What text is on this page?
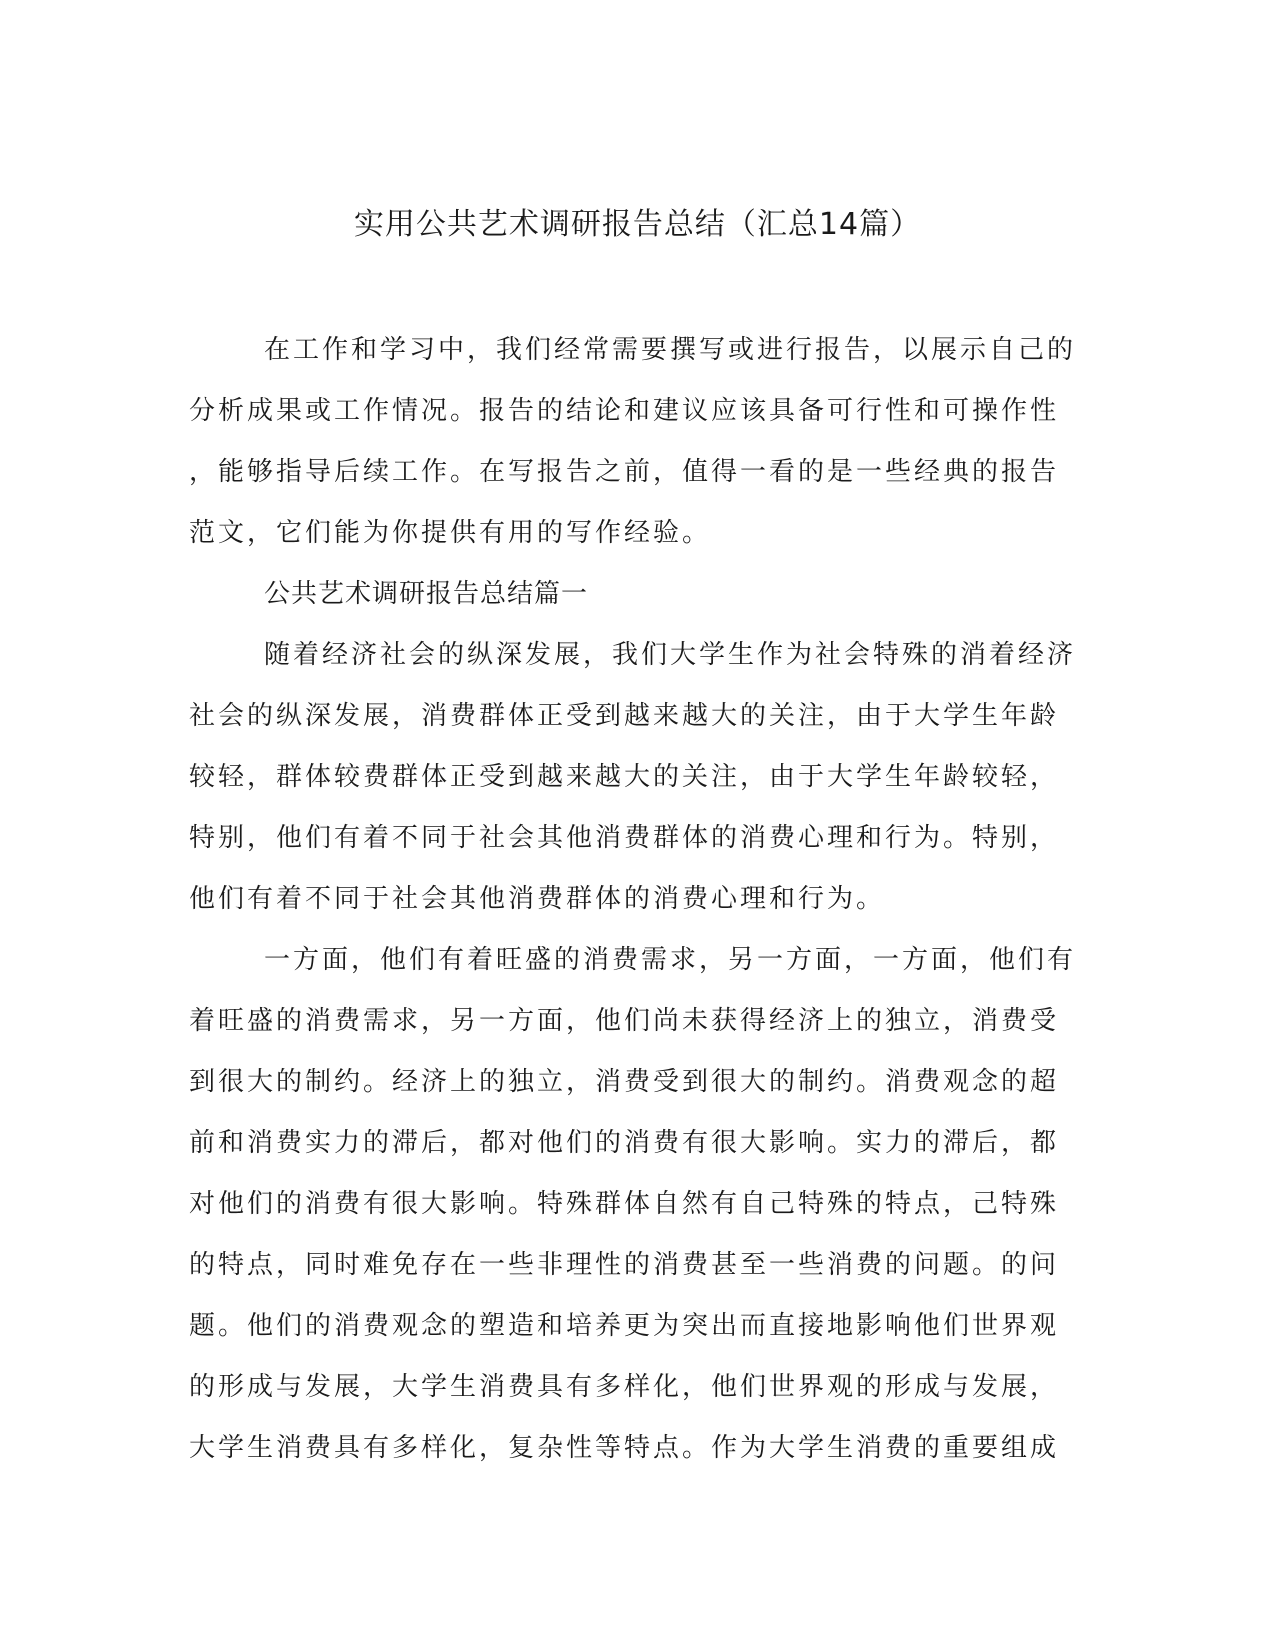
实用公共艺术调研报告总结（汇总14篇）

在工作和学习中，我们经常需要撰写或进行报告，以展示自己的

分析成果或工作情况。报告的结论和建议应该具备可行性和可操作性

，能够指导后续工作。在写报告之前，值得一看的是一些经典的报告

范文，它们能为你提供有用的写作经验。

公共艺术调研报告总结篇一

随着经济社会的纵深发展，我们大学生作为社会特殊的消着经济

社会的纵深发展，消费群体正受到越来越大的关注，由于大学生年龄

较轻，群体较费群体正受到越来越大的关注，由于大学生年龄较轻，

特别，他们有着不同于社会其他消费群体的消费心理和行为。特别，

他们有着不同于社会其他消费群体的消费心理和行为。

一方面，他们有着旺盛的消费需求，另一方面，一方面，他们有

着旺盛的消费需求，另一方面，他们尚未获得经济上的独立，消费受

到很大的制约。经济上的独立，消费受到很大的制约。消费观念的超

前和消费实力的滞后，都对他们的消费有很大影响。实力的滞后，都

对他们的消费有很大影响。特殊群体自然有自己特殊的特点，己特殊

的特点，同时难免存在一些非理性的消费甚至一些消费的问题。的问

题。他们的消费观念的塑造和培养更为突出而直接地影响他们世界观

的形成与发展，大学生消费具有多样化，他们世界观的形成与发展，

大学生消费具有多样化，复杂性等特点。作为大学生消费的重要组成
